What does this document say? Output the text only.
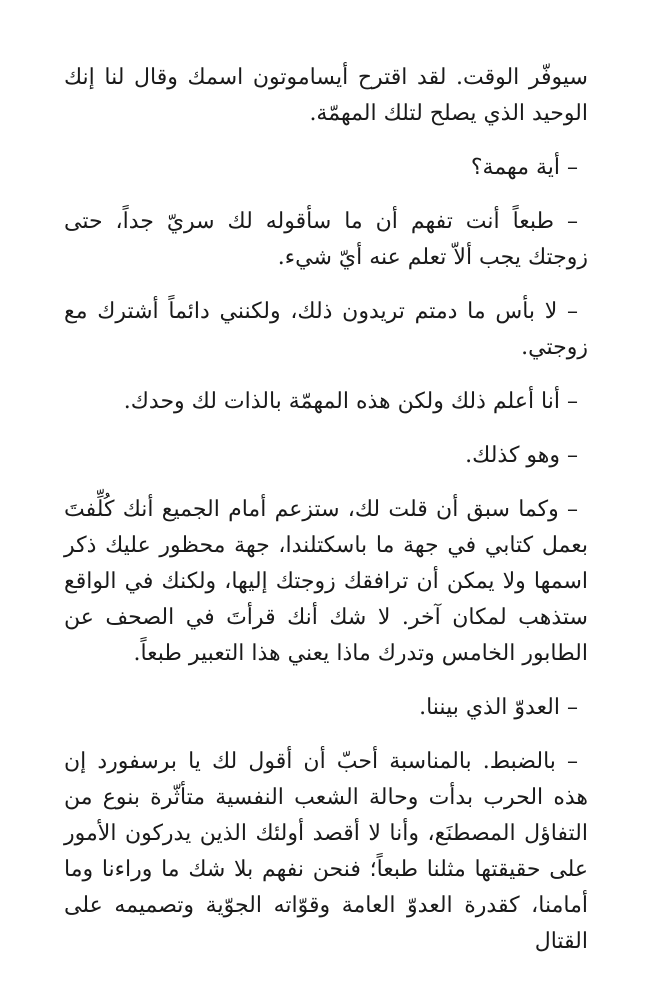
سيوفّر الوقت. لقد اقترح أيساموتون اسمك وقال لنا إنك الوحيد الذي يصلح لتلك المهمّة.

– أية مهمة؟

– طبعاً أنت تفهم أن ما سأقوله لك سريّ جداً، حتى زوجتك يجب ألاّ تعلم عنه أيّ شيء.

– لا بأس ما دمتم تريدون ذلك، ولكنني دائماً أشترك مع زوجتي.

– أنا أعلم ذلك ولكن هذه المهمّة بالذات لك وحدك.

– وهو كذلك.

– وكما سبق أن قلت لك، ستزعم أمام الجميع أنك كُلِّفتَ بعمل كتابي في جهة ما باسكتلندا، جهة محظور عليك ذكر اسمها ولا يمكن أن ترافقك زوجتك إليها، ولكنك في الواقع ستذهب لمكان آخر. لا شك أنك قرأتَ في الصحف عن الطابور الخامس وتدرك ماذا يعني هذا التعبير طبعاً.

– العدوّ الذي بيننا.

– بالضبط. بالمناسبة أحبّ أن أقول لك يا برسفورد إن هذه الحرب بدأت وحالة الشعب النفسية متأثّرة بنوع من التفاؤل المصطنَع، وأنا لا أقصد أولئك الذين يدركون الأمور على حقيقتها مثلنا طبعاً؛ فنحن نفهم بلا شك ما وراءنا وما أمامنا، كقدرة العدوّ العامة وقوّاته الجوّية وتصميمه على القتال
